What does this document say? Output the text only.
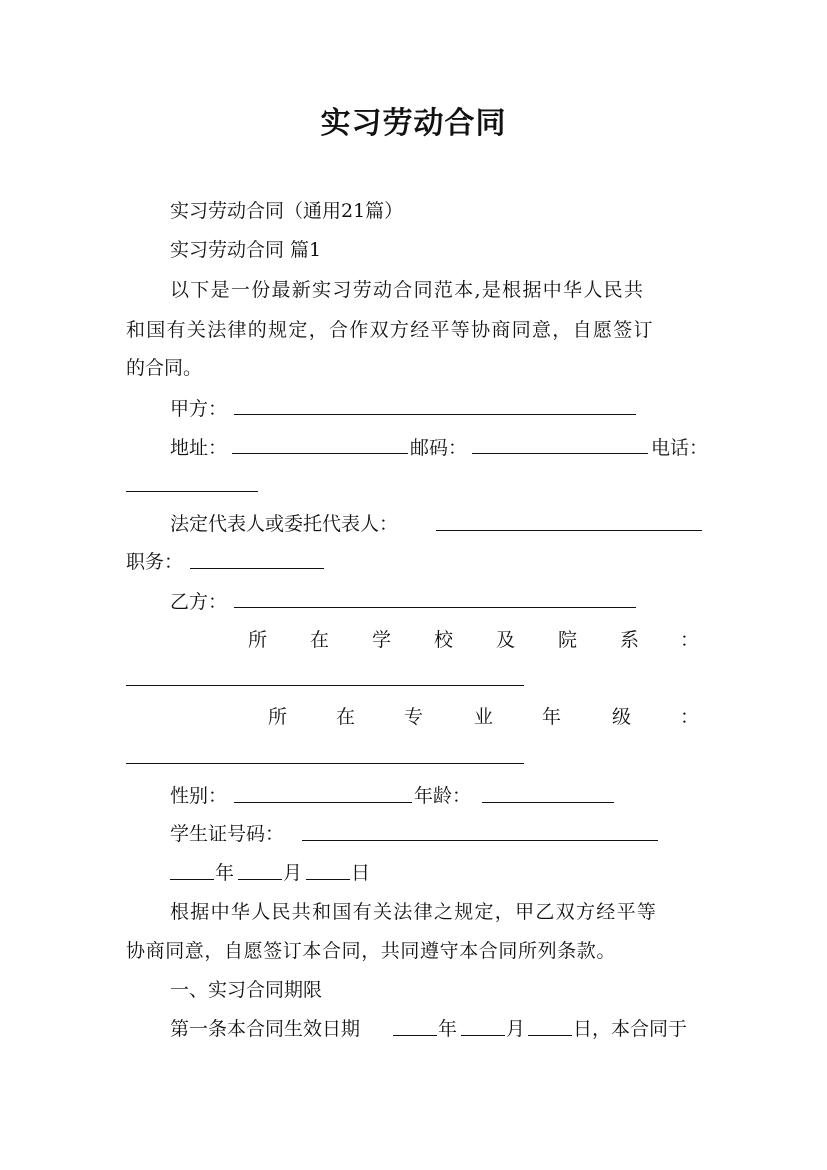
实习劳动合同
实习劳动合同（通用21篇）
实习劳动合同 篇1
以下是一份最新实习劳动合同范本,是根据中华人民共
和国有关法律的规定，合作双方经平等协商同意，自愿签订
的合同。
甲方：
地址：	邮码：	电话：
法定代表人或委托代表人：
职务：
乙方：
所 在 学 校 及 院 系 ：
所	在	专	业	年	级	：
性别：	年龄：
学生证号码：
年	月	日
根据中华人民共和国有关法律之规定，甲乙双方经平等
协商同意，自愿签订本合同，共同遵守本合同所列条款。
一、实习合同期限
第一条本合同生效日期	年	月	日，本合同于
